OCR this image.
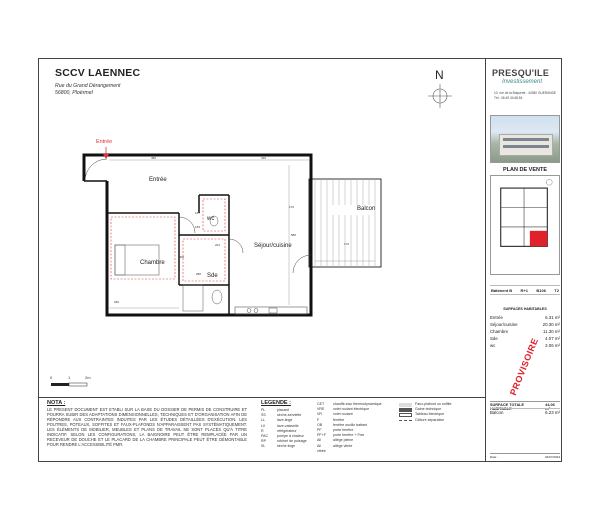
SCCV LAENNEC
Rue du Grand Dérangement
56800, Ploërmel
N
Entrée
Entrée
wc
Chambre
Sde
Séjour/cuisine
Balcon
450	410
127
165
406
280
260
580
170
176
201
0	1	2m
NOTA :
LE PRESENT DOCUMENT EST ETABLI SUR LA BASE DU DOSSIER DE PERMIS DE CONSTRUIRE ET POURRA SUBIR DES ADAPTATIONS DIMENSIONNELLES, TECHNIQUES ET D'ORGANISATION AFIN DE RÉPONDRE AUX CONTRAINTES INDUITES PAR LES ÉTUDES DÉTAILLÉES D'EXÉCUTION. LES POUTRES, POTEAUX, SOFFITES ET FAUX-PLAFONDS N'APPARAISSENT PAS SYSTÉMATIQUEMENT. LES ÉLÉMENTS DE MOBILIER, MEUBLES ET PLANS DE TRAVAIL NE SONT PLACÉS QU'À TITRE INDICATIF. SELON LES CONFIGURATIONS, LA BAIGNOIRE PEUT ÊTRE REMPLACÉE PAR UN RECEVEUR DE DOUCHE ET LE PLACARD DE LA CHAMBRE PRINCIPALE PEUT ÊTRE DÉMONTABLE POUR RENDRE L'ACCESSIBILITÉ PMR.
LEGENDE :
PL	placard
SS	sèche-serviette
LL	lave-linge
LV	lave-vaisselle
R	réfrigérateur
PAC	pompe à chaleur
RP	robinet de puisage
SL	sèche linge
CET	chauffe-eau thermodynamique
VRE	volet roulant électrique
VR	volet roulant
F	fenêtre
OB	fenêtre oscillo battant
PF	porte fenêtre
PF+F	porte fenêtre + Fixe
All	allège pleine
All vitrée
allège vitrée
Faux-plafond ou soffite
Gaine technique
Tableau électrique
Clôture séparative
PRESQU'ILE
Investissement
10, rue de la Briquerie - 44350 GUERANDE
Tél : 06.49.34.68.54
PLAN DE VENTE
Bâtiment B R+1 B106 T2
SURFACES HABITABLES
Entrée	6.31 m²
Séjour/cuisine	20.30 m²
Chambre	11.30 m²
Sde	4.07 m²
wc	2.06 m²
PROVISOIRE
SURFACE TOTALE HABITABLE
44.06 m²
Balcon	6.23 m²
Date :	04/07/2024
